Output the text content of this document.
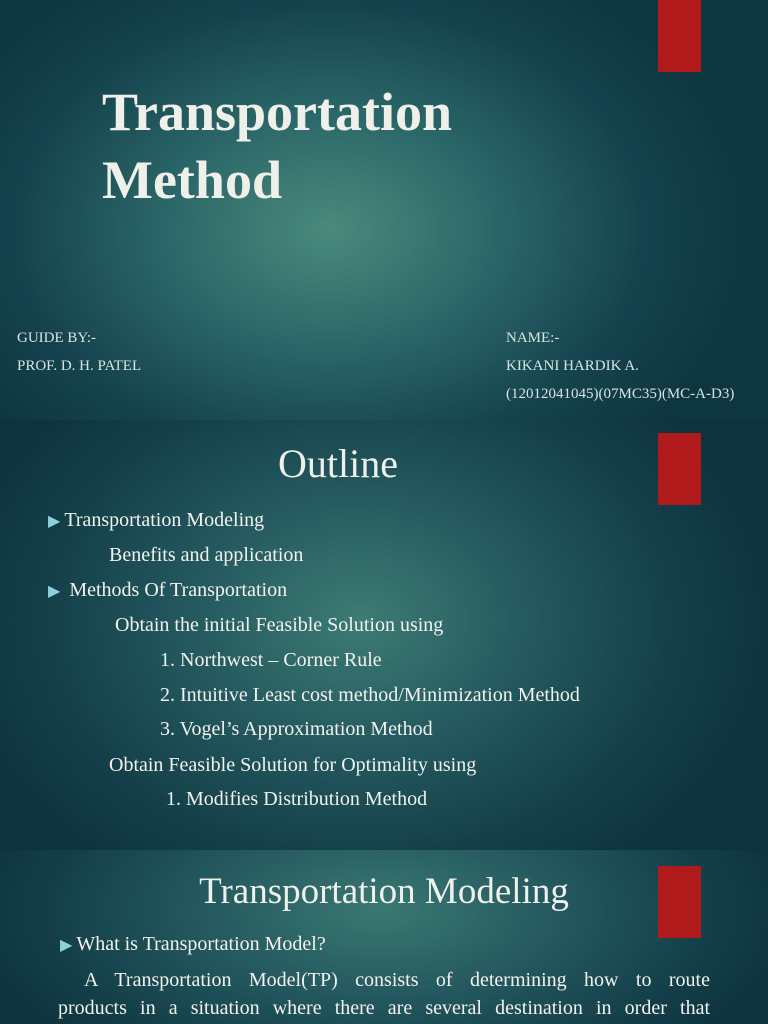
Transportation
Method
GUIDE BY:-
PROF. D. H. PATEL
NAME:-
KIKANI HARDIK A.
(12012041045)(07MC35)(MC-A-D3)
Outline
▶ Transportation Modeling
Benefits and application
▶ Methods Of Transportation
Obtain the initial Feasible Solution using
1. Northwest – Corner Rule
2. Intuitive Least cost method/Minimization Method
3. Vogel’s Approximation Method
Obtain Feasible Solution for Optimality using
1. Modifies Distribution Method
Transportation Modeling
▶ What is Transportation Model?
A Transportation Model(TP) consists of determining how to route
products in a situation where there are several destination in order that
